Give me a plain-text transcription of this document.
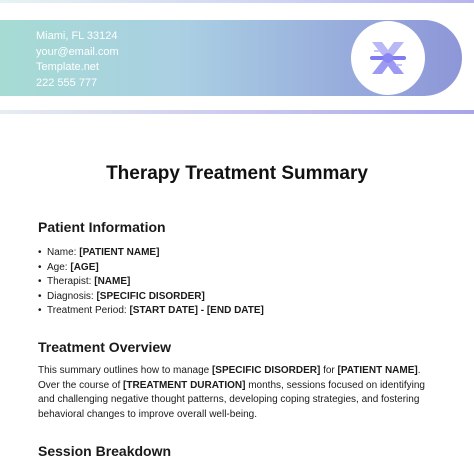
Miami, FL 33124
your@email.com
Template.net
222 555 777
Therapy Treatment Summary
Patient Information
• Name: [PATIENT NAME]
• Age: [AGE]
• Therapist: [NAME]
• Diagnosis: [SPECIFIC DISORDER]
• Treatment Period: [START DATE] - [END DATE]
Treatment Overview
This summary outlines how to manage [SPECIFIC DISORDER] for [PATIENT NAME]. Over the course of [TREATMENT DURATION] months, sessions focused on identifying and challenging negative thought patterns, developing coping strategies, and fostering behavioral changes to improve overall well-being.
Session Breakdown
